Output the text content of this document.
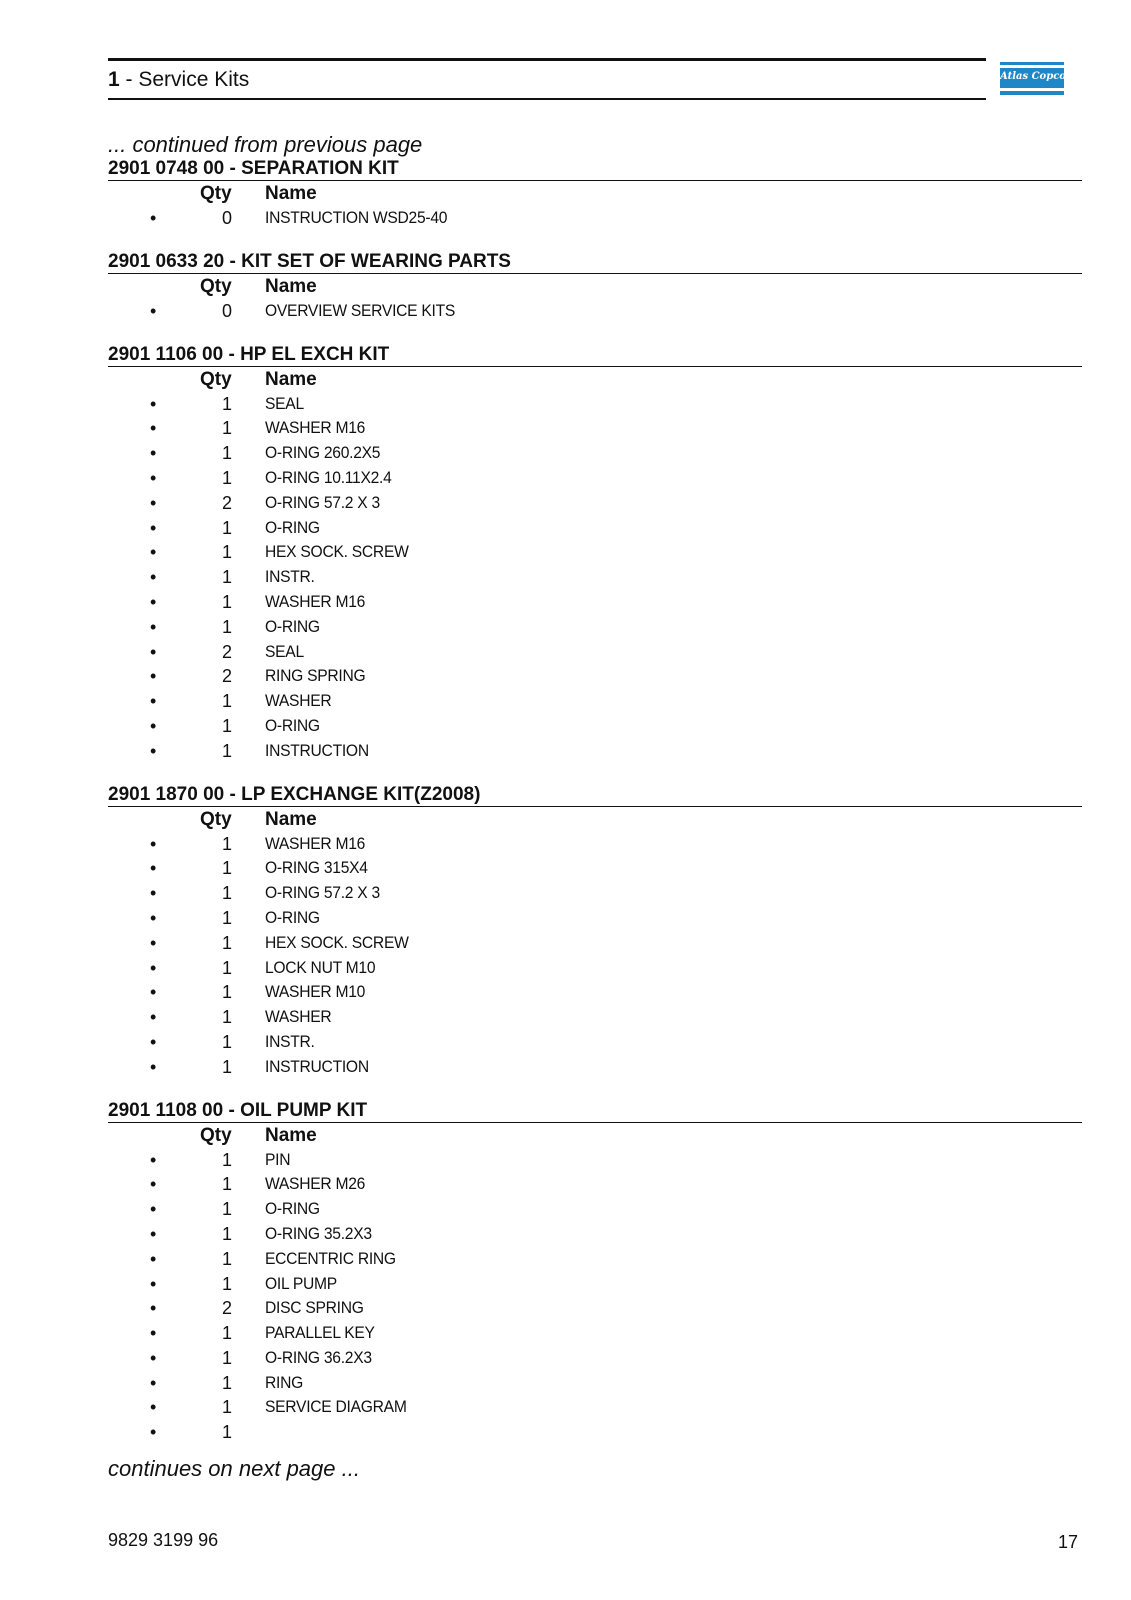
1 - Service Kits	Atlas Copco
... continued from previous page
2901 0748 00 - SEPARATION KIT
Qty Name
•	0 INSTRUCTION WSD25-40
2901 0633 20 - KIT SET OF WEARING PARTS
Qty Name
•	0 OVERVIEW SERVICE KITS
2901 1106 00 - HP EL EXCH KIT
Qty Name
•	1 SEAL
•	1 WASHER M16
•	1 O-RING 260.2X5
•	1 O-RING 10.11X2.4
•	2 O-RING 57.2 X 3
•	1 O-RING
•	1 HEX SOCK. SCREW
•	1 INSTR.
•	1 WASHER M16
•	1 O-RING
•	2 SEAL
•	2 RING SPRING
•	1 WASHER
•	1 O-RING
•	1 INSTRUCTION
2901 1870 00 - LP EXCHANGE KIT(Z2008)
Qty Name
•	1 WASHER M16
•	1 O-RING 315X4
•	1 O-RING 57.2 X 3
•	1 O-RING
•	1 HEX SOCK. SCREW
•	1 LOCK NUT M10
•	1 WASHER M10
•	1 WASHER
•	1 INSTR.
•	1 INSTRUCTION
2901 1108 00 - OIL PUMP KIT
Qty Name
•	1 PIN
•	1 WASHER M26
•	1 O-RING
•	1 O-RING 35.2X3
•	1 ECCENTRIC RING
•	1 OIL PUMP
•	2 DISC SPRING
•	1 PARALLEL KEY
•	1 O-RING 36.2X3
•	1 RING
•	1 SERVICE DIAGRAM
•	1
continues on next page ...
9829 3199 96	17
